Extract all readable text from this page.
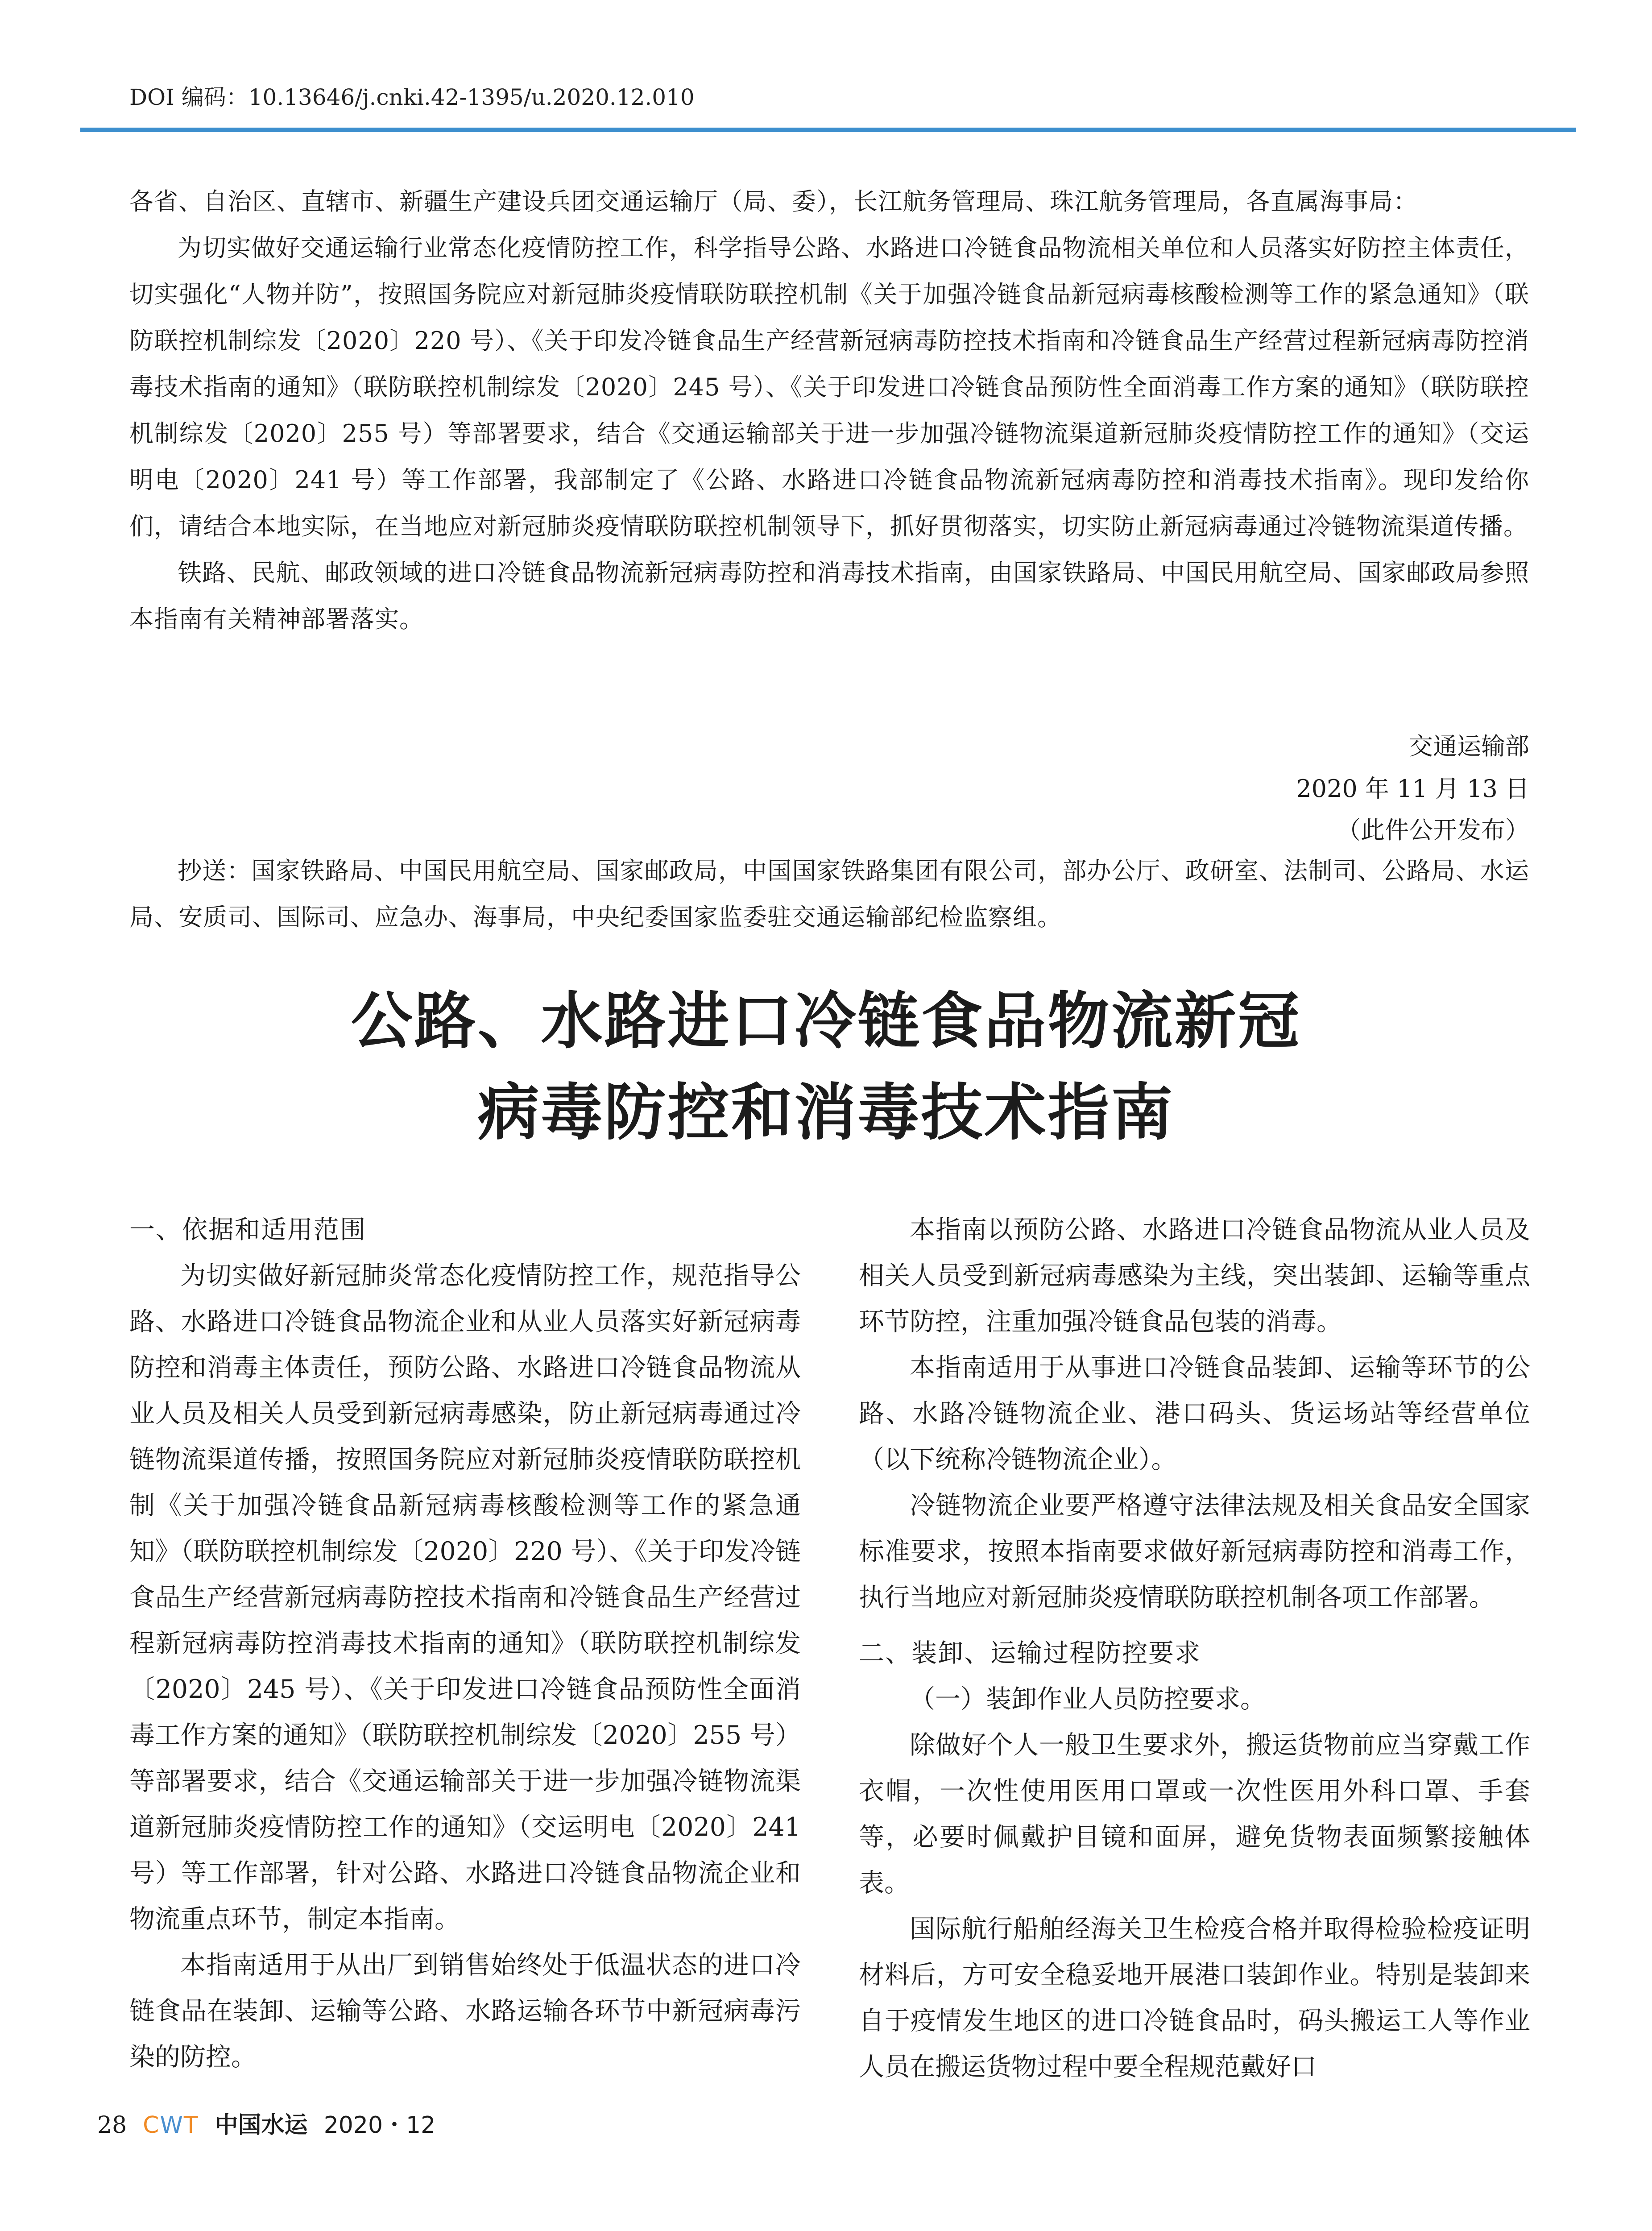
DOI 编码：10.13646/j.cnki.42-1395/u.2020.12.010

各省、自治区、直辖市、新疆生产建设兵团交通运输厅（局、委），长江航务管理局、珠江航务管理局，各直属海事局：

为切实做好交通运输行业常态化疫情防控工作，科学指导公路、水路进口冷链食品物流相关单位和人员落实好防控主体责任，切实强化“人物并防”，按照国务院应对新冠肺炎疫情联防联控机制《关于加强冷链食品新冠病毒核酸检测等工作的紧急通知》（联防联控机制综发〔2020〕220 号）、《关于印发冷链食品生产经营新冠病毒防控技术指南和冷链食品生产经营过程新冠病毒防控消毒技术指南的通知》（联防联控机制综发〔2020〕245 号）、《关于印发进口冷链食品预防性全面消毒工作方案的通知》（联防联控机制综发〔2020〕255 号）等部署要求，结合《交通运输部关于进一步加强冷链物流渠道新冠肺炎疫情防控工作的通知》（交运明电〔2020〕241 号）等工作部署，我部制定了《公路、水路进口冷链食品物流新冠病毒防控和消毒技术指南》。现印发给你们，请结合本地实际，在当地应对新冠肺炎疫情联防联控机制领导下，抓好贯彻落实，切实防止新冠病毒通过冷链物流渠道传播。

铁路、民航、邮政领域的进口冷链食品物流新冠病毒防控和消毒技术指南，由国家铁路局、中国民用航空局、国家邮政局参照本指南有关精神部署落实。

交通运输部
2020 年 11 月 13 日
（此件公开发布）

抄送：国家铁路局、中国民用航空局、国家邮政局，中国国家铁路集团有限公司，部办公厅、政研室、法制司、公路局、水运局、安质司、国际司、应急办、海事局，中央纪委国家监委驻交通运输部纪检监察组。

公路、水路进口冷链食品物流新冠
病毒防控和消毒技术指南

一、依据和适用范围

为切实做好新冠肺炎常态化疫情防控工作，规范指导公路、水路进口冷链食品物流企业和从业人员落实好新冠病毒防控和消毒主体责任，预防公路、水路进口冷链食品物流从业人员及相关人员受到新冠病毒感染，防止新冠病毒通过冷链物流渠道传播，按照国务院应对新冠肺炎疫情联防联控机制《关于加强冷链食品新冠病毒核酸检测等工作的紧急通知》（联防联控机制综发〔2020〕220 号）、《关于印发冷链食品生产经营新冠病毒防控技术指南和冷链食品生产经营过程新冠病毒防控消毒技术指南的通知》（联防联控机制综发〔2020〕245 号）、《关于印发进口冷链食品预防性全面消毒工作方案的通知》（联防联控机制综发〔2020〕255 号）等部署要求，结合《交通运输部关于进一步加强冷链物流渠道新冠肺炎疫情防控工作的通知》（交运明电〔2020〕241 号）等工作部署，针对公路、水路进口冷链食品物流企业和物流重点环节，制定本指南。

本指南适用于从出厂到销售始终处于低温状态的进口冷链食品在装卸、运输等公路、水路运输各环节中新冠病毒污染的防控。

本指南以预防公路、水路进口冷链食品物流从业人员及相关人员受到新冠病毒感染为主线，突出装卸、运输等重点环节防控，注重加强冷链食品包装的消毒。

本指南适用于从事进口冷链食品装卸、运输等环节的公路、水路冷链物流企业、港口码头、货运场站等经营单位（以下统称冷链物流企业）。

冷链物流企业要严格遵守法律法规及相关食品安全国家标准要求，按照本指南要求做好新冠病毒防控和消毒工作，执行当地应对新冠肺炎疫情联防联控机制各项工作部署。

二、装卸、运输过程防控要求

（一）装卸作业人员防控要求。

除做好个人一般卫生要求外，搬运货物前应当穿戴工作衣帽，一次性使用医用口罩或一次性医用外科口罩、手套等，必要时佩戴护目镜和面屏，避免货物表面频繁接触体表。

国际航行船舶经海关卫生检疫合格并取得检验检疫证明材料后，方可安全稳妥地开展港口装卸作业。特别是装卸来自于疫情发生地区的进口冷链食品时，码头搬运工人等作业人员在搬运货物过程中要全程规范戴好口

28 CWT 中国水运 2020・12
